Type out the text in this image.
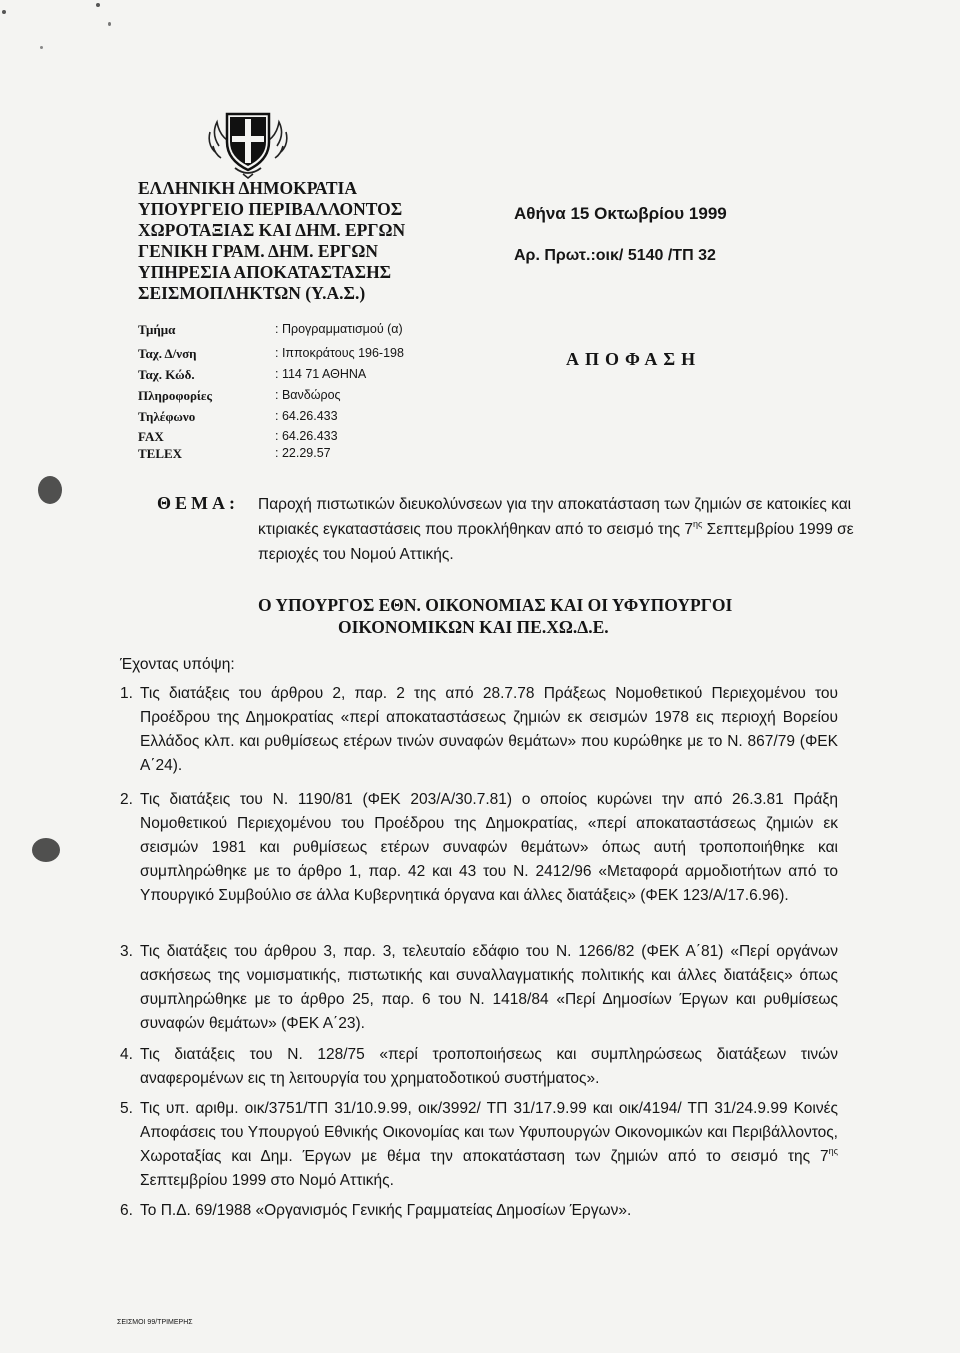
ΕΛΛΗΝΙΚΗ ΔΗΜΟΚΡΑΤΙΑ
ΥΠΟΥΡΓΕΙΟ ΠΕΡΙΒΑΛΛΟΝΤΟΣ
ΧΩΡΟΤΑΞΙΑΣ ΚΑΙ ΔΗΜ. ΕΡΓΩΝ
ΓΕΝΙΚΗ ΓΡΑΜ. ΔΗΜ. ΕΡΓΩΝ
ΥΠΗΡΕΣΙΑ ΑΠΟΚΑΤΑΣΤΑΣΗΣ
ΣΕΙΣΜΟΠΛΗΚΤΩΝ (Υ.Α.Σ.)
Αθήνα 15 Οκτωβρίου 1999
Αρ. Πρωτ.:οικ/ 5140 /ΤΠ 32
Τμήμα	: Προγραμματισμού (α)
Ταχ. Δ/νση	: Ιπποκράτους 196-198
Ταχ. Κώδ.	: 114 71 ΑΘΗΝΑ
Πληροφορίες	: Βανδώρος
Τηλέφωνο	: 64.26.433
FAX	: 64.26.433
TELEX	: 22.29.57
ΑΠΟΦΑΣΗ
ΘΕΜΑ: Παροχή πιστωτικών διευκολύνσεων για την αποκατάσταση των ζημιών σε κατοικίες και κτιριακές εγκαταστάσεις που προκλήθηκαν από το σεισμό της $7^{\eta\varsigma}$ Σεπτεμβρίου 1999 σε περιοχές του Νομού Αττικής.
Ο ΥΠΟΥΡΓΟΣ ΕΘΝ. ΟΙΚΟΝΟΜΙΑΣ ΚΑΙ ΟΙ ΥΦΥΠΟΥΡΓΟΙ
ΟΙΚΟΝΟΜΙΚΩΝ ΚΑΙ ΠΕ.ΧΩ.Δ.Ε.
Έχοντας υπόψη:
1. Τις διατάξεις του άρθρου 2, παρ. 2 της από 28.7.78 Πράξεως Νομοθετικού Περιεχομένου του Προέδρου της Δημοκρατίας «περί αποκαταστάσεως ζημιών εκ σεισμών 1978 εις περιοχή Βορείου Ελλάδος κλπ. και ρυθμίσεως ετέρων τινών συναφών θεμάτων» που κυρώθηκε με το Ν. 867/79 (ΦΕΚ Α΄24).
2. Τις διατάξεις του Ν. 1190/81 (ΦΕΚ 203/Α/30.7.81) ο οποίος κυρώνει την από 26.3.81 Πράξη Νομοθετικού Περιεχομένου του Προέδρου της Δημοκρατίας, «περί αποκαταστάσεως ζημιών εκ σεισμών 1981 και ρυθμίσεως ετέρων συναφών θεμάτων» όπως αυτή τροποποιήθηκε και συμπληρώθηκε με το άρθρο 1, παρ. 42 και 43 του Ν. 2412/96 «Μεταφορά αρμοδιοτήτων από το Υπουργικό Συμβούλιο σε άλλα Κυβερνητικά όργανα και άλλες διατάξεις» (ΦΕΚ 123/Α/17.6.96).
3. Τις διατάξεις του άρθρου 3, παρ. 3, τελευταίο εδάφιο του Ν. 1266/82 (ΦΕΚ Α΄81) «Περί οργάνων ασκήσεως της νομισματικής, πιστωτικής και συναλλαγματικής πολιτικής και άλλες διατάξεις» όπως συμπληρώθηκε με το άρθρο 25, παρ. 6 του Ν. 1418/84 «Περί Δημοσίων Έργων και ρυθμίσεως συναφών θεμάτων» (ΦΕΚ Α΄23).
4. Τις διατάξεις του Ν. 128/75 «περί τροποποιήσεως και συμπληρώσεως διατάξεων τινών αναφερομένων εις τη λειτουργία του χρηματοδοτικού συστήματος».
5. Τις υπ. αριθμ. οικ/3751/ΤΠ 31/10.9.99, οικ/3992/ ΤΠ 31/17.9.99 και οικ/4194/ ΤΠ 31/24.9.99 Κοινές Αποφάσεις του Υπουργού Εθνικής Οικονομίας και των Υφυπουργών Οικονομικών και Περιβάλλοντος, Χωροταξίας και Δημ. Έργων με θέμα την αποκατάσταση των ζημιών από το σεισμό της $7^{\eta\varsigma}$ Σεπτεμβρίου 1999 στο Νομό Αττικής.
6. Το Π.Δ. 69/1988 «Οργανισμός Γενικής Γραμματείας Δημοσίων Έργων».
ΣΕΙΣΜΟΙ 99/ΤΡΙΜΕΡΗΣ
